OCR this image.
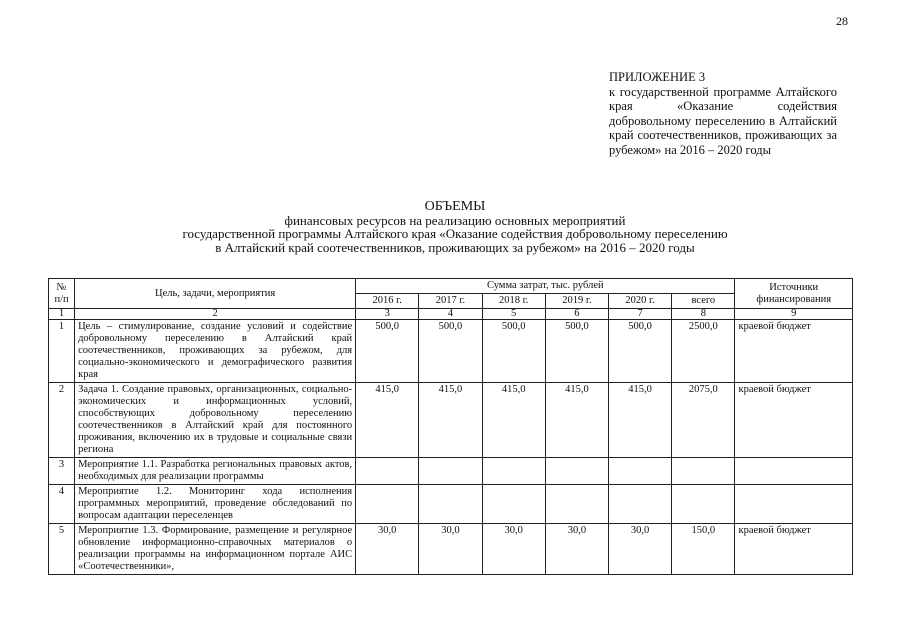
28
ПРИЛОЖЕНИЕ 3
к государственной программе Алтайского края «Оказание содействия добровольному переселению в Алтайский край соотечественников, проживающих за рубежом» на 2016 – 2020 годы
ОБЪЕМЫ
финансовых ресурсов на реализацию основных мероприятий
государственной программы Алтайского края «Оказание содействия добровольному переселению
в Алтайский край соотечественников, проживающих за рубежом» на 2016 – 2020 годы
№ п/п	Цель, задачи, мероприятия	Сумма затрат, тыс. рублей						Источники финансирования
		2016 г.	2017 г.	2018 г.	2019 г.	2020 г.	всего	
1	2	3	4	5	6	7	8	9
1	Цель – стимулирование, создание условий и содействие добровольному переселению в Алтайский край соотечественников, проживающих за рубежом, для социально-экономического и демографического развития края	500,0	500,0	500,0	500,0	500,0	2500,0	краевой бюджет
2	Задача 1. Создание правовых, организационных, социально-экономических и информационных условий, способствующих добровольному переселению соотечественников в Алтайский край для постоянного проживания, включению их в трудовые и социальные связи региона	415,0	415,0	415,0	415,0	415,0	2075,0	краевой бюджет
3	Мероприятие 1.1. Разработка региональных правовых актов, необходимых для реализации программы							
4	Мероприятие 1.2. Мониторинг хода исполнения программных мероприятий, проведение обследований по вопросам адаптации переселенцев							
5	Мероприятие 1.3. Формирование, размещение и регулярное обновление информационно-справочных материалов о реализации программы на информационном портале АИС «Соотечественники»,	30,0	30,0	30,0	30,0	30,0	150,0	краевой бюджет
